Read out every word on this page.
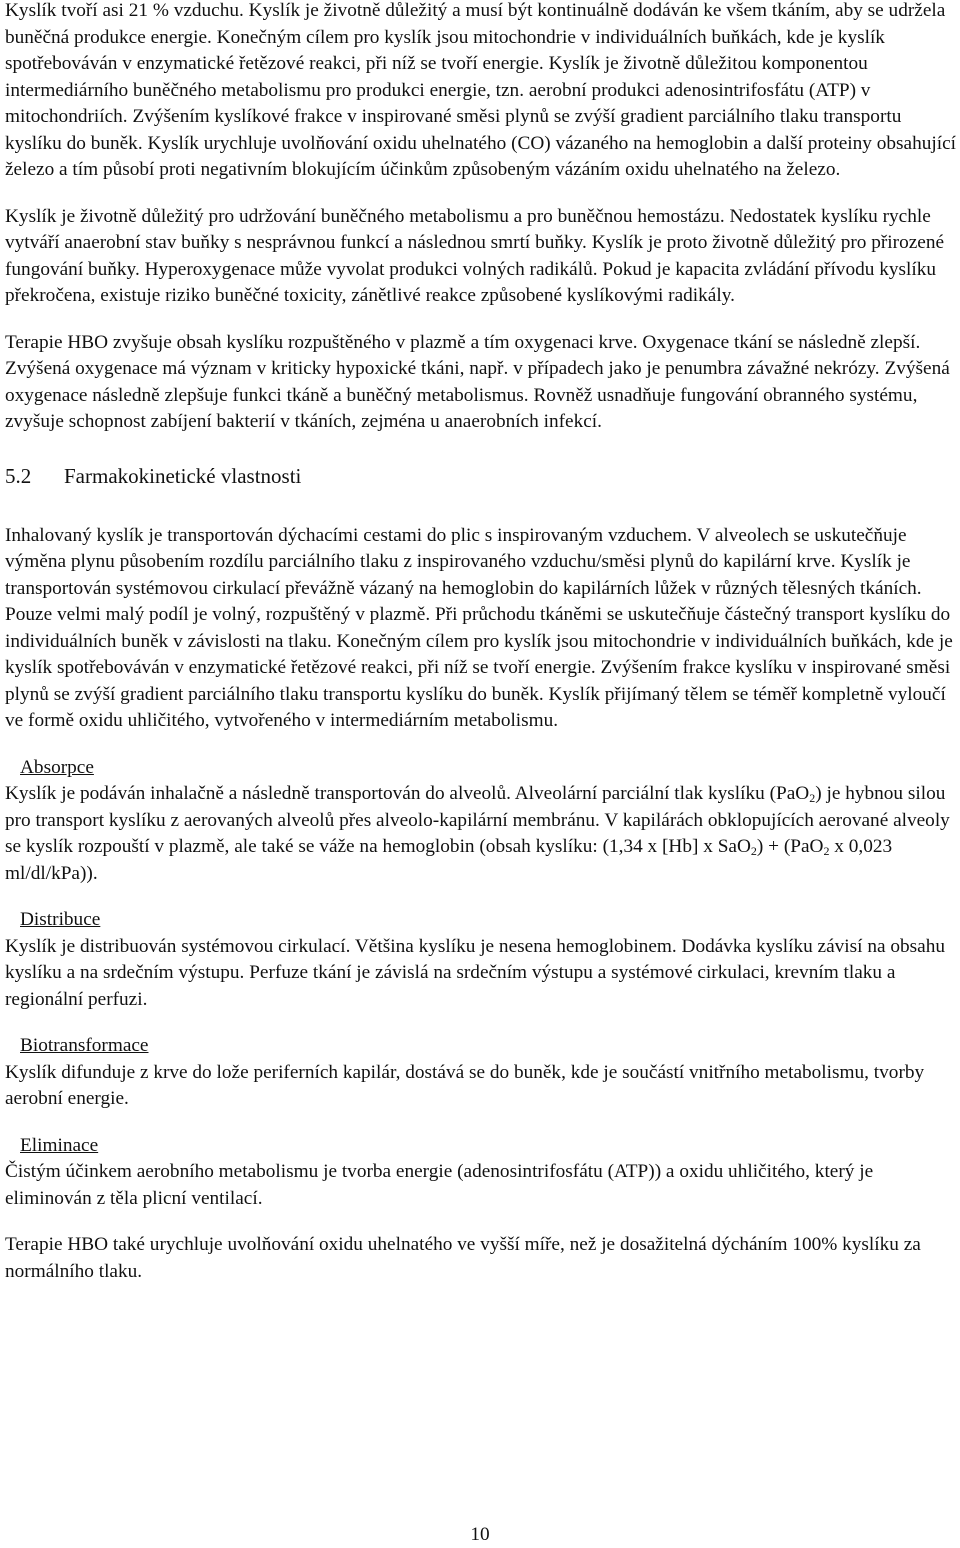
Kyslík tvoří asi 21 % vzduchu. Kyslík je životně důležitý a musí být kontinuálně dodáván ke všem tkáním, aby se udržela buněčná produkce energie. Konečným cílem pro kyslík jsou mitochondrie v individuálních buňkách, kde je kyslík spotřebováván v enzymatické řetězové reakci, při níž se tvoří energie. Kyslík je životně důležitou komponentou intermediárního buněčného metabolismu pro produkci energie, tzn. aerobní produkci adenosintrifosfátu (ATP) v mitochondriích. Zvýšením kyslíkové frakce v inspirované směsi plynů se zvýší gradient parciálního tlaku transportu kyslíku do buněk. Kyslík urychluje uvolňování oxidu uhelnatého (CO) vázaného na hemoglobin a další proteiny obsahující železo a tím působí proti negativním blokujícím účinkům způsobeným vázáním oxidu uhelnatého na železo.

Kyslík je životně důležitý pro udržování buněčného metabolismu a pro buněčnou hemostázu. Nedostatek kyslíku rychle vytváří anaerobní stav buňky s nesprávnou funkcí a následnou smrtí buňky. Kyslík je proto životně důležitý pro přirozené fungování buňky. Hyperoxygenace může vyvolat produkci volných radikálů. Pokud je kapacita zvládání přívodu kyslíku překročena, existuje riziko buněčné toxicity, zánětlivé reakce způsobené kyslíkovými radikály.

Terapie HBO zvyšuje obsah kyslíku rozpuštěného v plazmě a tím oxygenaci krve. Oxygenace tkání se následně zlepší. Zvýšená oxygenace má význam v kriticky hypoxické tkáni, např. v případech jako je penumbra závažné nekrózy. Zvýšená oxygenace následně zlepšuje funkci tkáně a buněčný metabolismus. Rovněž usnadňuje fungování obranného systému, zvyšuje schopnost zabíjení bakterií v tkáních, zejména u anaerobních infekcí.

5.2 Farmakokinetické vlastnosti

Inhalovaný kyslík je transportován dýchacími cestami do plic s inspirovaným vzduchem. V alveolech se uskutečňuje výměna plynu působením rozdílu parciálního tlaku z inspirovaného vzduchu/směsi plynů do kapilární krve. Kyslík je transportován systémovou cirkulací převážně vázaný na hemoglobin do kapilárních lůžek v různých tělesných tkáních. Pouze velmi malý podíl je volný, rozpuštěný v plazmě. Při průchodu tkáněmi se uskutečňuje částečný transport kyslíku do individuálních buněk v závislosti na tlaku. Konečným cílem pro kyslík jsou mitochondrie v individuálních buňkách, kde je kyslík spotřebováván v enzymatické řetězové reakci, při níž se tvoří energie. Zvýšením frakce kyslíku v inspirované směsi plynů se zvýší gradient parciálního tlaku transportu kyslíku do buněk. Kyslík přijímaný tělem se téměř kompletně vyloučí ve formě oxidu uhličitého, vytvořeného v intermediárním metabolismu.

Absorpce

Kyslík je podáván inhalačně a následně transportován do alveolů. Alveolární parciální tlak kyslíku (PaO$_2$) je hybnou silou pro transport kyslíku z aerovaných alveolů přes alveolo-kapilární membránu. V kapilárách obklopujících aerované alveoly se kyslík rozpouští v plazmě, ale také se váže na hemoglobin (obsah kyslíku: (1,34 x [Hb] x SaO$_2$) + (PaO$_2$ x 0,023 ml/dl/kPa)).

Distribuce

Kyslík je distribuován systémovou cirkulací. Většina kyslíku je nesena hemoglobinem. Dodávka kyslíku závisí na obsahu kyslíku a na srdečním výstupu. Perfuze tkání je závislá na srdečním výstupu a systémové cirkulaci, krevním tlaku a regionální perfuzi.

Biotransformace

Kyslík difunduje z krve do lože periferních kapilár, dostává se do buněk, kde je součástí vnitřního metabolismu, tvorby aerobní energie.

Eliminace

Čistým účinkem aerobního metabolismu je tvorba energie (adenosintrifosfátu (ATP)) a oxidu uhličitého, který je eliminován z těla plicní ventilací.

Terapie HBO také urychluje uvolňování oxidu uhelnatého ve vyšší míře, než je dosažitelná dýcháním 100% kyslíku za normálního tlaku.

10
